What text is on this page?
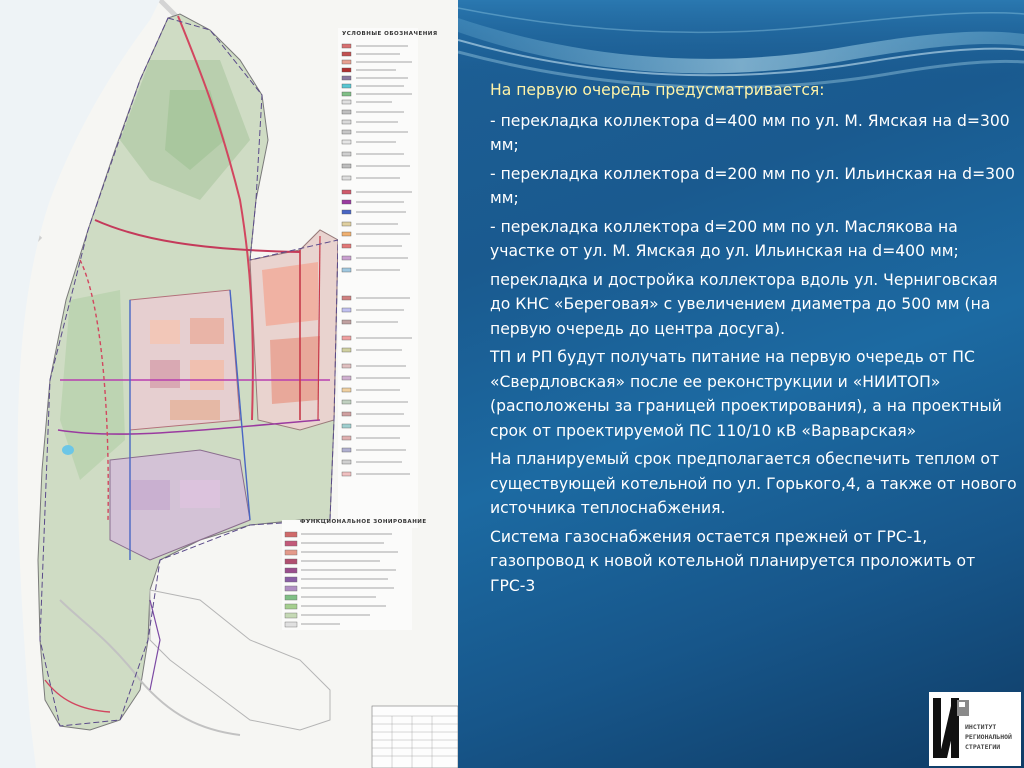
УСЛОВНЫЕ ОБОЗНАЧЕНИЯ
ФУНКЦИОНАЛЬНОЕ ЗОНИРОВАНИЕ

На первую очередь предусматривается:

- перекладка коллектора d=400 мм по ул. М. Ямская на d=300 мм;

- перекладка коллектора d=200 мм по ул. Ильинская на d=300 мм;

- перекладка коллектора d=200 мм по ул. Маслякова на участке от ул. М. Ямская до ул. Ильинская на d=400 мм;

перекладка и достройка коллектора вдоль ул. Черниговская до КНС «Береговая» с увеличением диаметра до 500 мм (на первую очередь до центра досуга).

ТП и РП будут получать питание на первую очередь от ПС «Свердловская» после ее реконструкции и «НИИТОП» (расположены за границей проектирования), а на проектный срок от проектируемой ПС 110/10 кВ «Варварская»

На планируемый срок предполагается обеспечить теплом от существующей котельной по ул. Горького,4, а также от нового источника теплоснабжения.

Система газоснабжения остается прежней от ГРС-1, газопровод к новой котельной планируется проложить от ГРС-3

ИНСТИТУТ
РЕГИОНАЛЬНОЙ
СТРАТЕГИИ
